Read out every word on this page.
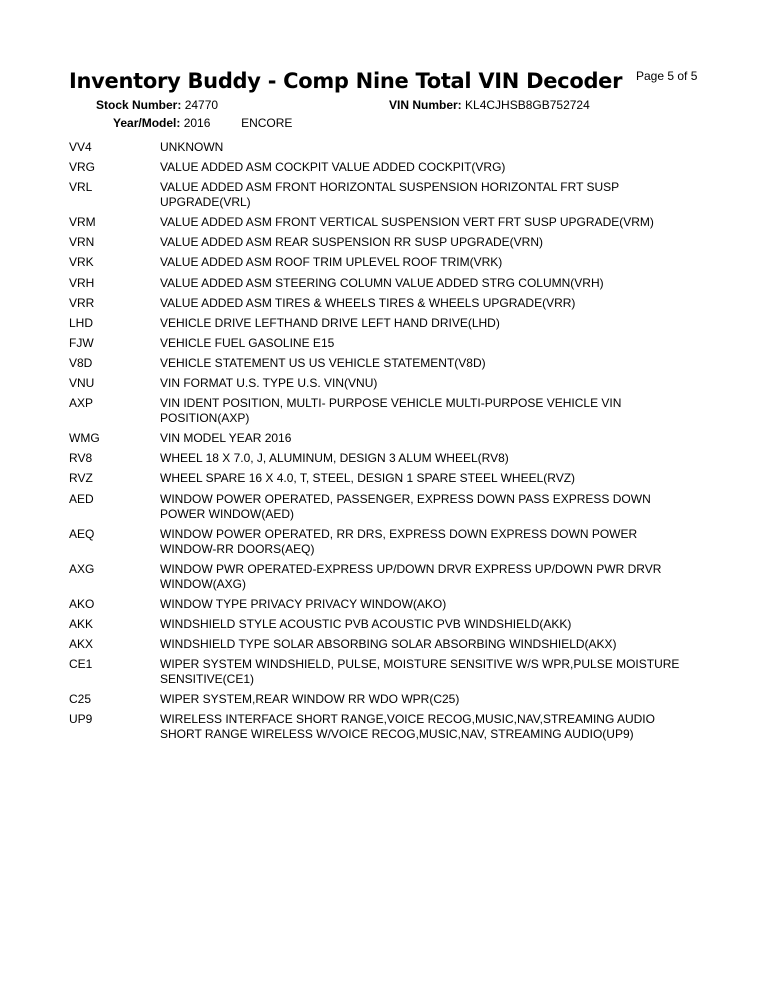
Inventory Buddy - Comp Nine Total VIN Decoder Page 5 of 5
Stock Number: 24770	VIN Number: KL4CJHSB8GB752724
Year/Model: 2016	ENCORE
VV4	UNKNOWN
VRG	VALUE ADDED ASM COCKPIT VALUE ADDED COCKPIT(VRG)
VRL	VALUE ADDED ASM FRONT HORIZONTAL SUSPENSION HORIZONTAL FRT SUSP UPGRADE(VRL)
VRM	VALUE ADDED ASM FRONT VERTICAL SUSPENSION VERT FRT SUSP UPGRADE(VRM)
VRN	VALUE ADDED ASM REAR SUSPENSION RR SUSP UPGRADE(VRN)
VRK	VALUE ADDED ASM ROOF TRIM UPLEVEL ROOF TRIM(VRK)
VRH	VALUE ADDED ASM STEERING COLUMN VALUE ADDED STRG COLUMN(VRH)
VRR	VALUE ADDED ASM TIRES & WHEELS TIRES & WHEELS UPGRADE(VRR)
LHD	VEHICLE DRIVE LEFTHAND DRIVE LEFT HAND DRIVE(LHD)
FJW	VEHICLE FUEL GASOLINE E15
V8D	VEHICLE STATEMENT US US VEHICLE STATEMENT(V8D)
VNU	VIN FORMAT U.S. TYPE U.S. VIN(VNU)
AXP	VIN IDENT POSITION, MULTI- PURPOSE VEHICLE MULTI-PURPOSE VEHICLE VIN POSITION(AXP)
WMG	VIN MODEL YEAR 2016
RV8	WHEEL 18 X 7.0, J, ALUMINUM, DESIGN 3 ALUM WHEEL(RV8)
RVZ	WHEEL SPARE 16 X 4.0, T, STEEL, DESIGN 1 SPARE STEEL WHEEL(RVZ)
AED	WINDOW POWER OPERATED, PASSENGER, EXPRESS DOWN PASS EXPRESS DOWN POWER WINDOW(AED)
AEQ	WINDOW POWER OPERATED, RR DRS, EXPRESS DOWN EXPRESS DOWN POWER WINDOW-RR DOORS(AEQ)
AXG	WINDOW PWR OPERATED-EXPRESS UP/DOWN DRVR EXPRESS UP/DOWN PWR DRVR WINDOW(AXG)
AKO	WINDOW TYPE PRIVACY PRIVACY WINDOW(AKO)
AKK	WINDSHIELD STYLE ACOUSTIC PVB ACOUSTIC PVB WINDSHIELD(AKK)
AKX	WINDSHIELD TYPE SOLAR ABSORBING SOLAR ABSORBING WINDSHIELD(AKX)
CE1	WIPER SYSTEM WINDSHIELD, PULSE, MOISTURE SENSITIVE W/S WPR,PULSE MOISTURE SENSITIVE(CE1)
C25	WIPER SYSTEM,REAR WINDOW RR WDO WPR(C25)
UP9	WIRELESS INTERFACE SHORT RANGE,VOICE RECOG,MUSIC,NAV,STREAMING AUDIO SHORT RANGE WIRELESS W/VOICE RECOG,MUSIC,NAV, STREAMING AUDIO(UP9)
